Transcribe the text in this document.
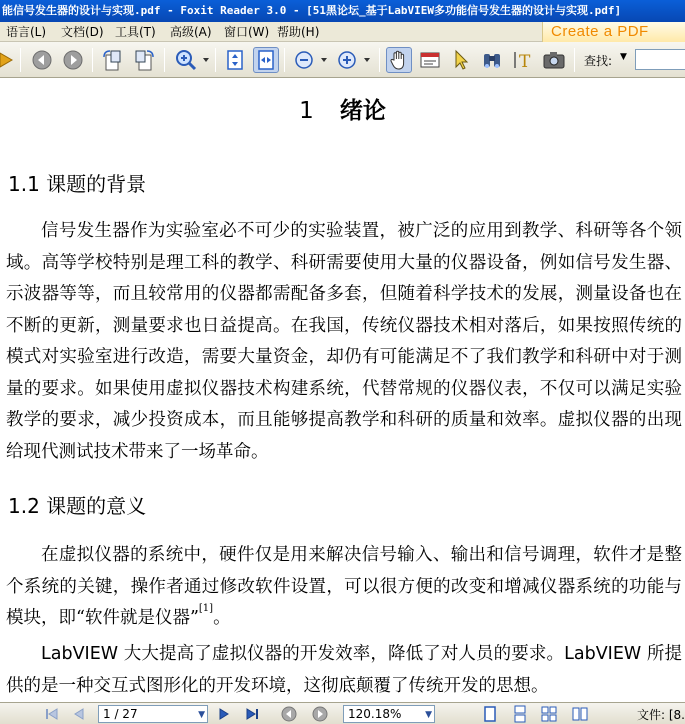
能信号发生器的设计与实现.pdf - Foxit Reader 3.0 - [51黑论坛_基于LabVIEW多功能信号发生器的设计与实现.pdf]
语言(L) 文档(D) 工具(T) 高级(A) 窗口(W) 帮助(H)	Create a PDF
T	查找: ▼
1 绪论
1.1 课题的背景
信号发生器作为实验室必不可少的实验装置，被广泛的应用到教学、科研等各个领域。高等学校特别是理工科的教学、科研需要使用大量的仪器设备，例如信号发生器、示波器等等，而且较常用的仪器都需配备多套，但随着科学技术的发展，测量设备也在不断的更新，测量要求也日益提高。在我国，传统仪器技术相对落后，如果按照传统的模式对实验室进行改造，需要大量资金，却仍有可能满足不了我们教学和科研中对于测量的要求。如果使用虚拟仪器技术构建系统，代替常规的仪器仪表，不仅可以满足实验教学的要求，减少投资成本，而且能够提高教学和科研的质量和效率。虚拟仪器的出现给现代测试技术带来了一场革命。
1.2 课题的意义
在虚拟仪器的系统中，硬件仅是用来解决信号输入、输出和信号调理，软件才是整个系统的关键，操作者通过修改软件设置，可以很方便的改变和增减仪器系统的功能与模块，即“软件就是仪器”[1]。
LabVIEW 大大提高了虚拟仪器的开发效率，降低了对人员的要求。LabVIEW 所提供的是一种交互式图形化的开发环境，这彻底颠覆了传统开发的思想。
1 / 27	▼	120.18%	▼	文件: [8.
